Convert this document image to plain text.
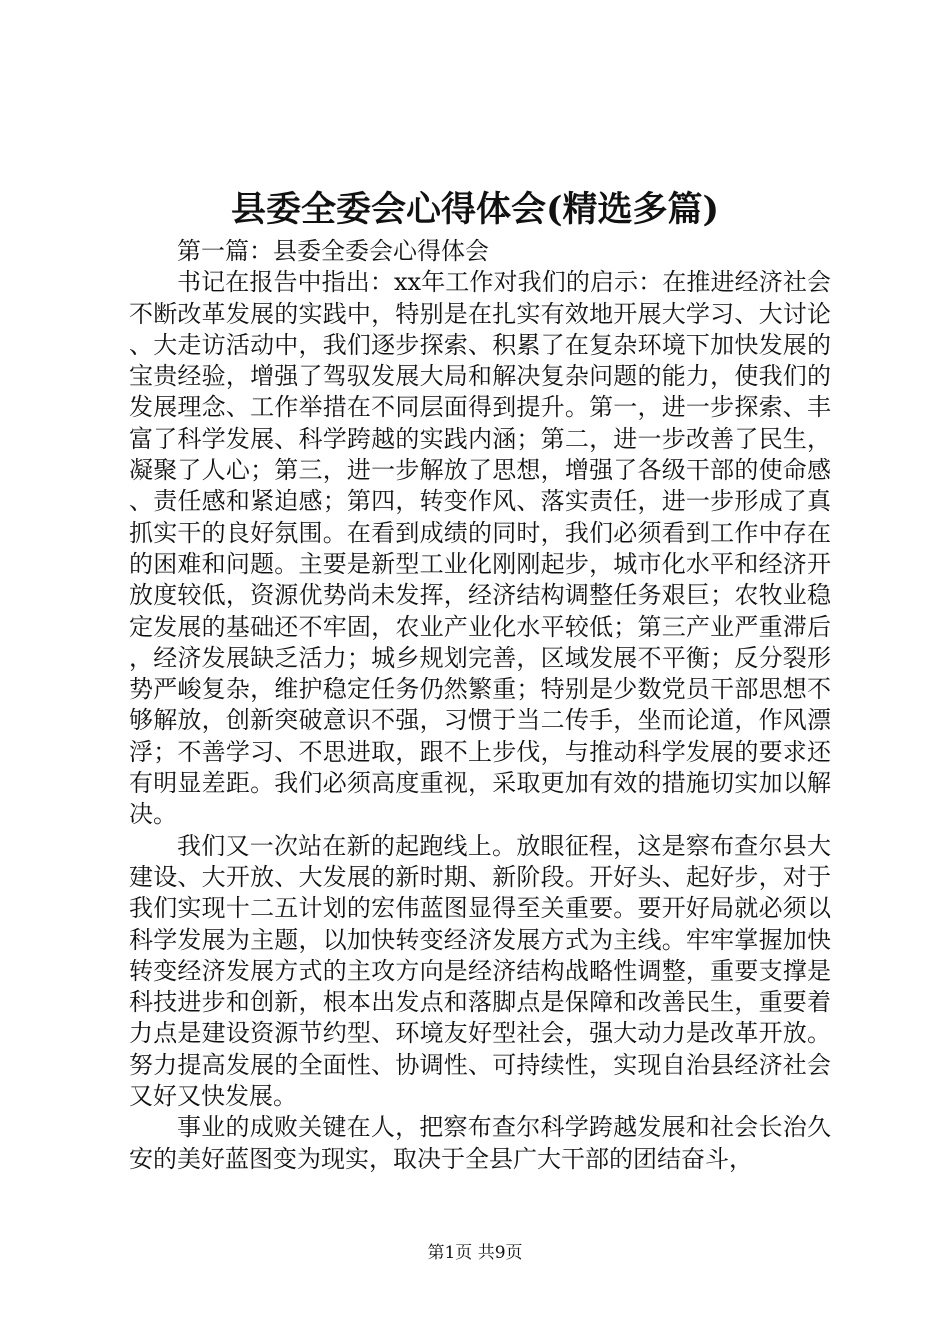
县委全委会心得体会(精选多篇)

第一篇：县委全委会心得体会

书记在报告中指出：xx年工作对我们的启示：在推进经济社会不断改革发展的实践中，特别是在扎实有效地开展大学习、大讨论、大走访活动中，我们逐步探索、积累了在复杂环境下加快发展的宝贵经验，增强了驾驭发展大局和解决复杂问题的能力，使我们的发展理念、工作举措在不同层面得到提升。第一，进一步探索、丰富了科学发展、科学跨越的实践内涵；第二，进一步改善了民生，凝聚了人心；第三，进一步解放了思想，增强了各级干部的使命感、责任感和紧迫感；第四，转变作风、落实责任，进一步形成了真抓实干的良好氛围。在看到成绩的同时，我们必须看到工作中存在的困难和问题。主要是新型工业化刚刚起步，城市化水平和经济开放度较低，资源优势尚未发挥，经济结构调整任务艰巨；农牧业稳定发展的基础还不牢固，农业产业化水平较低；第三产业严重滞后，经济发展缺乏活力；城乡规划完善，区域发展不平衡；反分裂形势严峻复杂，维护稳定任务仍然繁重；特别是少数党员干部思想不够解放，创新突破意识不强，习惯于当二传手，坐而论道，作风漂浮；不善学习、不思进取，跟不上步伐，与推动科学发展的要求还有明显差距。我们必须高度重视，采取更加有效的措施切实加以解决。

我们又一次站在新的起跑线上。放眼征程，这是察布查尔县大建设、大开放、大发展的新时期、新阶段。开好头、起好步，对于我们实现十二五计划的宏伟蓝图显得至关重要。要开好局就必须以科学发展为主题，以加快转变经济发展方式为主线。牢牢掌握加快转变经济发展方式的主攻方向是经济结构战略性调整，重要支撑是科技进步和创新，根本出发点和落脚点是保障和改善民生，重要着力点是建设资源节约型、环境友好型社会，强大动力是改革开放。努力提高发展的全面性、协调性、可持续性，实现自治县经济社会又好又快发展。

事业的成败关键在人，把察布查尔科学跨越发展和社会长治久安的美好蓝图变为现实，取决于全县广大干部的团结奋斗，

第1页 共9页
